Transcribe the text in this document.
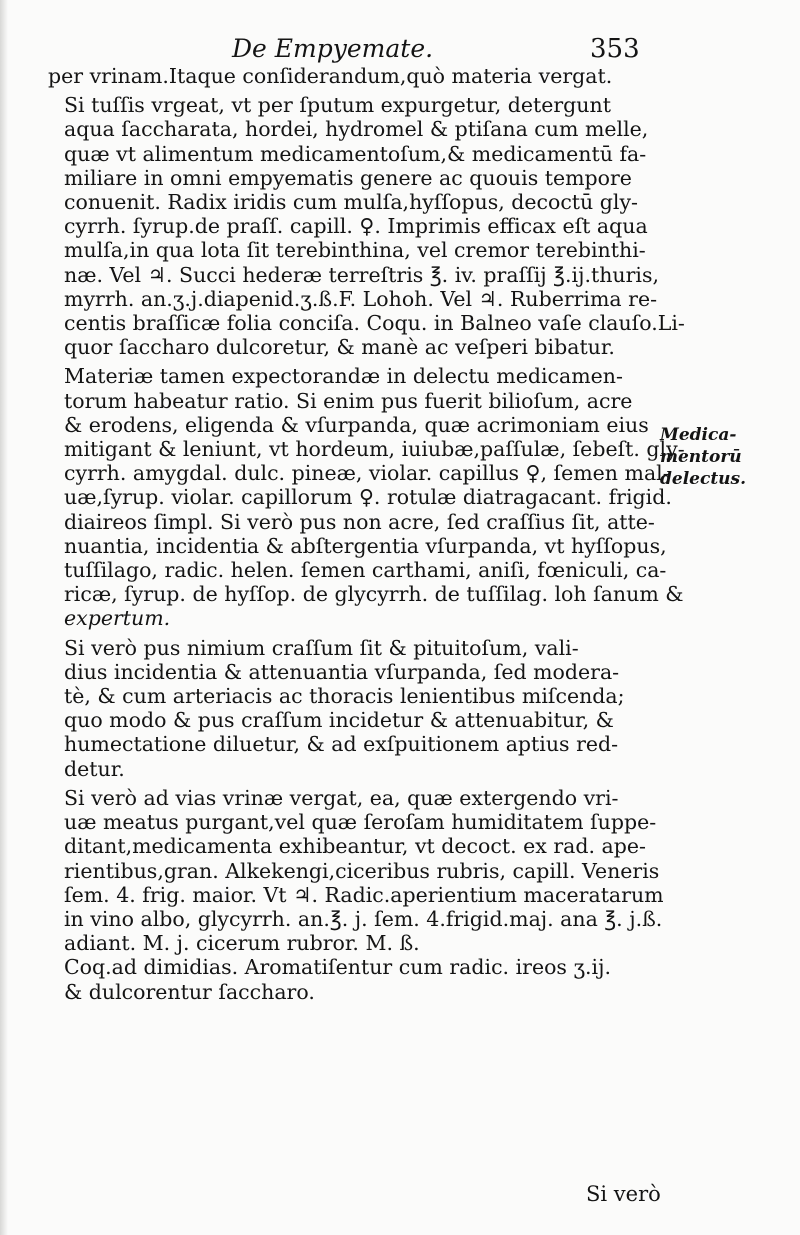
De Empyemate.	353

per vrinam.Itaque conſiderandum,quò materia vergat.

Si tuſſis vrgeat, vt per ſputum expurgetur, detergunt
aqua ſaccharata, hordei, hydromel & ptiſana cum melle,
quæ vt alimentum medicamentoſum,& medicamentū fa-
miliare in omni empyematis genere ac quouis tempore
conuenit. Radix iridis cum mulſa,hyſſopus, decoctū gly-
cyrrh. ſyrup.de praſſ. capill. ♀. Imprimis efficax eſt aqua
mulſa,in qua lota ſit terebinthina, vel cremor terebinthi-
næ. Vel ♃. Succi hederæ terreſtris ℥. iv. praſſij ℥.ij.thuris,
myrrh. an.ʒ.j.diapenid.ʒ.ß.F. Lohoh. Vel ♃. Ruberrima re-
centis braſſicæ folia conciſa. Coqu. in Balneo vaſe clauſo.Li-
quor ſaccharo dulcoretur, & manè ac veſperi bibatur.

Materiæ tamen expectorandæ in delectu medicamen-
torum habeatur ratio. Si enim pus fuerit bilioſum, acre
& erodens, eligenda & vſurpanda, quæ acrimoniam eius
mitigant & leniunt, vt hordeum, iuiubæ,paſſulæ, ſebeſt. gly-
cyrrh. amygdal. dulc. pineæ, violar. capillus ♀, ſemen mal-
uæ,ſyrup. violar. capillorum ♀. rotulæ diatragacant. frigid.
diaireos ſimpl. Si verò pus non acre, ſed craſſius ſit, atte-
nuantia, incidentia & abſtergentia vſurpanda, vt hyſſopus,
tuſſilago, radic. helen. ſemen carthami, aniſi, fœniculi, ca-
ricæ, ſyrup. de hyſſop. de glycyrrh. de tuſſilag. loh ſanum &
expertum.

Si verò pus nimium craſſum ſit & pituitoſum, vali-
dius incidentia & attenuantia vſurpanda, ſed moderа-
tè, & cum arteriacis ac thoracis lenientibus miſcenda;
quo modo & pus craſſum incidetur & attenuabitur, &
humectatione diluetur, & ad exſpuitionem aptius red-
detur.

Si verò ad vias vrinæ vergat, ea, quæ extergendo vri-
uæ meatus purgant,vel quæ ſeroſam humiditatem ſuppe-
ditant,medicamenta exhibeantur, vt decoct. ex rad. ape-
rientibus,gran. Alkekengi,ciceribus rubris, capill. Veneris
ſem. 4. frig. maior. Vt ♃. Radic.aperientium maceratarum
in vino albo, glycyrrh. an.℥. j. ſem. 4.frigid.maj. ana ℥. j.ß.
adiant. M. j. cicerum rubror. M. ß.
Coq.ad dimidias. Aromatiſentur cum radic. ireos ʒ.ij.
& dulcorentur ſaccharo.

Medica-
mentorū
delectus.
Si verò
